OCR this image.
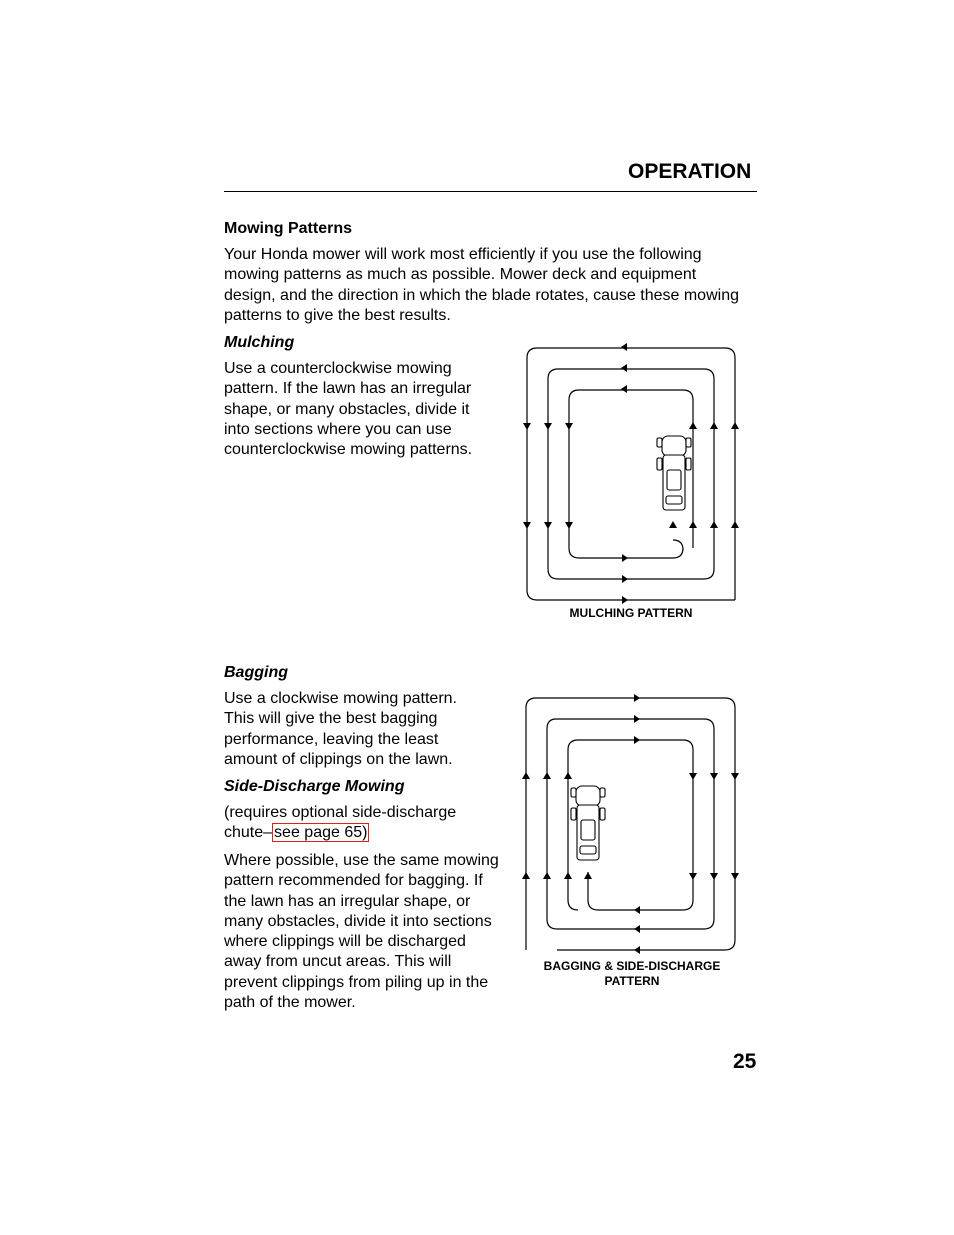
OPERATION
Mowing Patterns
Your Honda mower will work most efficiently if you use the following mowing patterns as much as possible. Mower deck and equipment design, and the direction in which the blade rotates, cause these mowing patterns to give the best results.
Mulching
Use a counterclockwise mowing pattern. If the lawn has an irregular shape, or many obstacles, divide it into sections where you can use counterclockwise mowing patterns.
MULCHING PATTERN
Bagging
Use a clockwise mowing pattern. This will give the best bagging performance, leaving the least amount of clippings on the lawn.
Side-Discharge Mowing
(requires optional side-discharge chute– see page 65)
Where possible, use the same mowing pattern recommended for bagging. If the lawn has an irregular shape, or many obstacles, divide it into sections where clippings will be discharged away from uncut areas. This will prevent clippings from piling up in the path of the mower.
BAGGING & SIDE-DISCHARGE
PATTERN
25
